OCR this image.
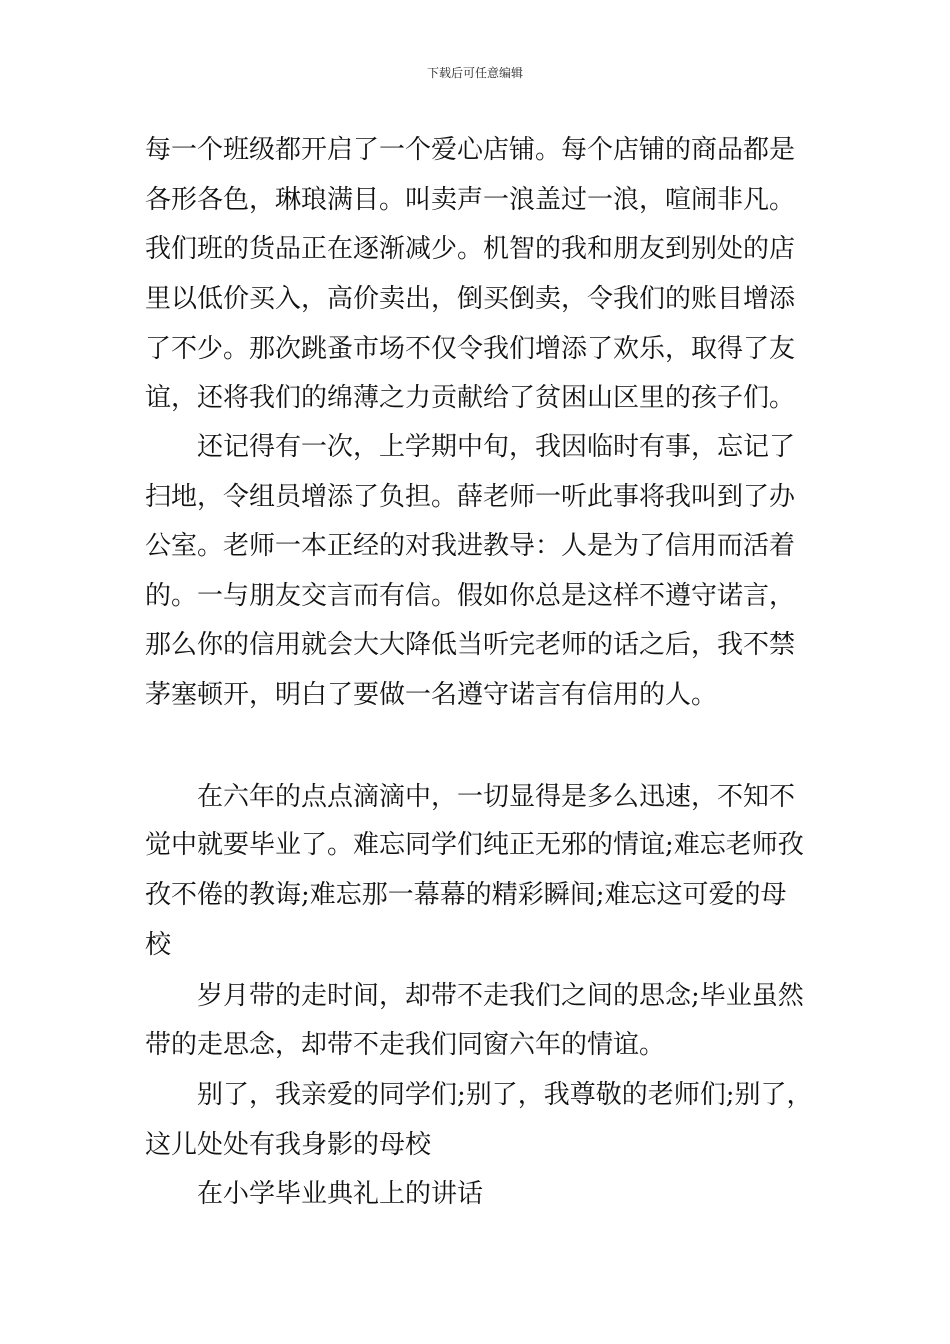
下载后可任意编辑
每一个班级都开启了一个爱心店铺。每个店铺的商品都是
各形各色，琳琅满目。叫卖声一浪盖过一浪，喧闹非凡。
我们班的货品正在逐渐减少。机智的我和朋友到别处的店
里以低价买入，高价卖出，倒买倒卖，令我们的账目增添
了不少。那次跳蚤市场不仅令我们增添了欢乐，取得了友
谊，还将我们的绵薄之力贡献给了贫困山区里的孩子们。
还记得有一次，上学期中旬，我因临时有事，忘记了
扫地，令组员增添了负担。薛老师一听此事将我叫到了办
公室。老师一本正经的对我进教导：人是为了信用而活着
的。一与朋友交言而有信。假如你总是这样不遵守诺言，
那么你的信用就会大大降低当听完老师的话之后，我不禁
茅塞顿开，明白了要做一名遵守诺言有信用的人。
在六年的点点滴滴中，一切显得是多么迅速，不知不
觉中就要毕业了。难忘同学们纯正无邪的情谊;难忘老师孜
孜不倦的教诲;难忘那一幕幕的精彩瞬间;难忘这可爱的母
校
岁月带的走时间，却带不走我们之间的思念;毕业虽然
带的走思念，却带不走我们同窗六年的情谊。
别了，我亲爱的同学们;别了，我尊敬的老师们;别了，
这儿处处有我身影的母校
在小学毕业典礼上的讲话
